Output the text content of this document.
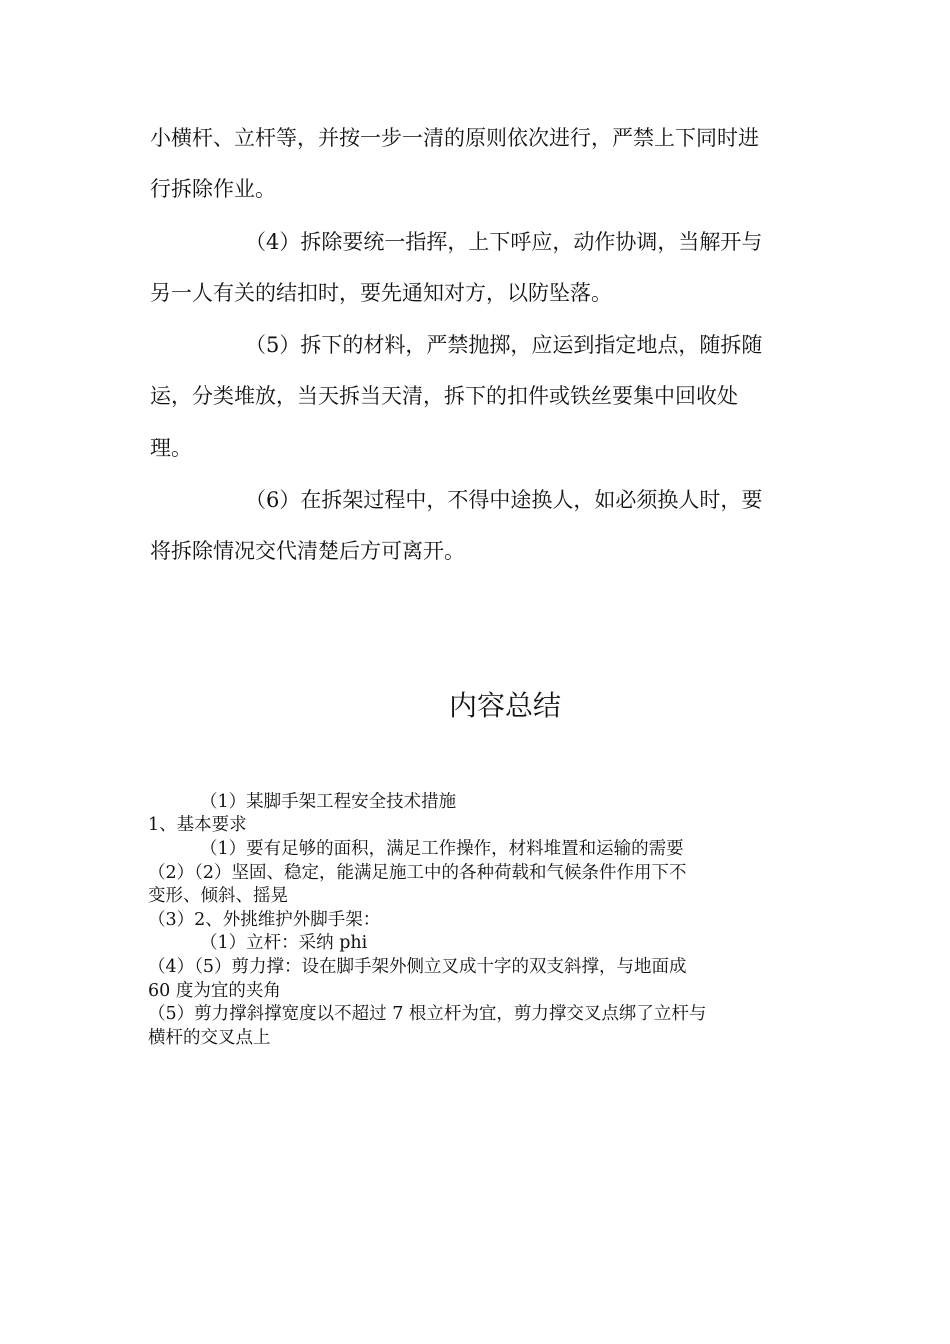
小横杆、立杆等，并按一步一清的原则依次进行，严禁上下同时进
行拆除作业。
（4）拆除要统一指挥，上下呼应，动作协调，当解开与
另一人有关的结扣时，要先通知对方，以防坠落。
（5）拆下的材料，严禁抛掷，应运到指定地点，随拆随
运，分类堆放，当天拆当天清，拆下的扣件或铁丝要集中回收处
理。
（6）在拆架过程中，不得中途换人，如必须换人时，要
将拆除情况交代清楚后方可离开。
内容总结
（1）某脚手架工程安全技术措施
1、基本要求
（1）要有足够的面积，满足工作操作，材料堆置和运输的需要
（2）（2）坚固、稳定，能满足施工中的各种荷载和气候条件作用下不
变形、倾斜、摇晃
（3）2、外挑维护外脚手架：
（1）立杆：采纳 phi
（4）（5）剪力撑：设在脚手架外侧立叉成十字的双支斜撑，与地面成
60 度为宜的夹角
（5）剪力撑斜撑宽度以不超过 7 根立杆为宜，剪力撑交叉点绑了立杆与
横杆的交叉点上
